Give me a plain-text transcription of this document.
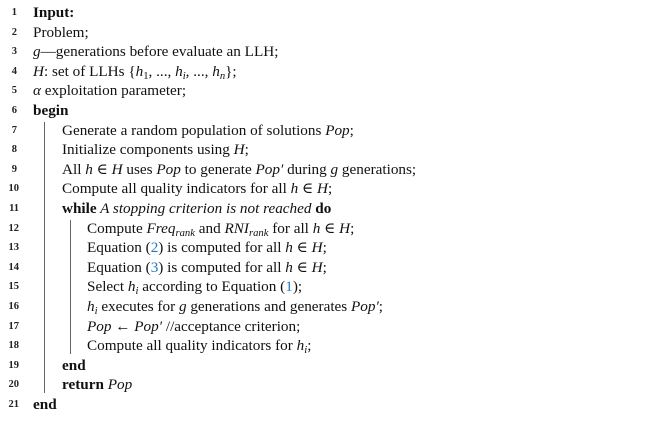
1 Input:
2 Problem;
3 g—generations before evaluate an LLH;
4 H: set of LLHs {$h_1$, ..., $h_i$, ..., $h_n$};
5 α exploitation parameter;
6 begin
7	Generate a random population of solutions Pop;
8	Initialize components using H;
9	All h ∈ H uses Pop to generate Pop′ during g generations;
10	Compute all quality indicators for all h ∈ H;
11	while A stopping criterion is not reached do
12	Compute Freq$_{rank}$ and $RNI_{rank}$ for all h ∈ H;
13	Equation (2) is computed for all h ∈ H;
14	Equation (3) is computed for all h ∈ H;
15	Select $h_i$ according to Equation (1);
16	$h_i$ executes for g generations and generates Pop′;
17	Pop ← Pop′ //acceptance criterion;
18	Compute all quality indicators for $h_i$;
19	end
20	return Pop
21 end
